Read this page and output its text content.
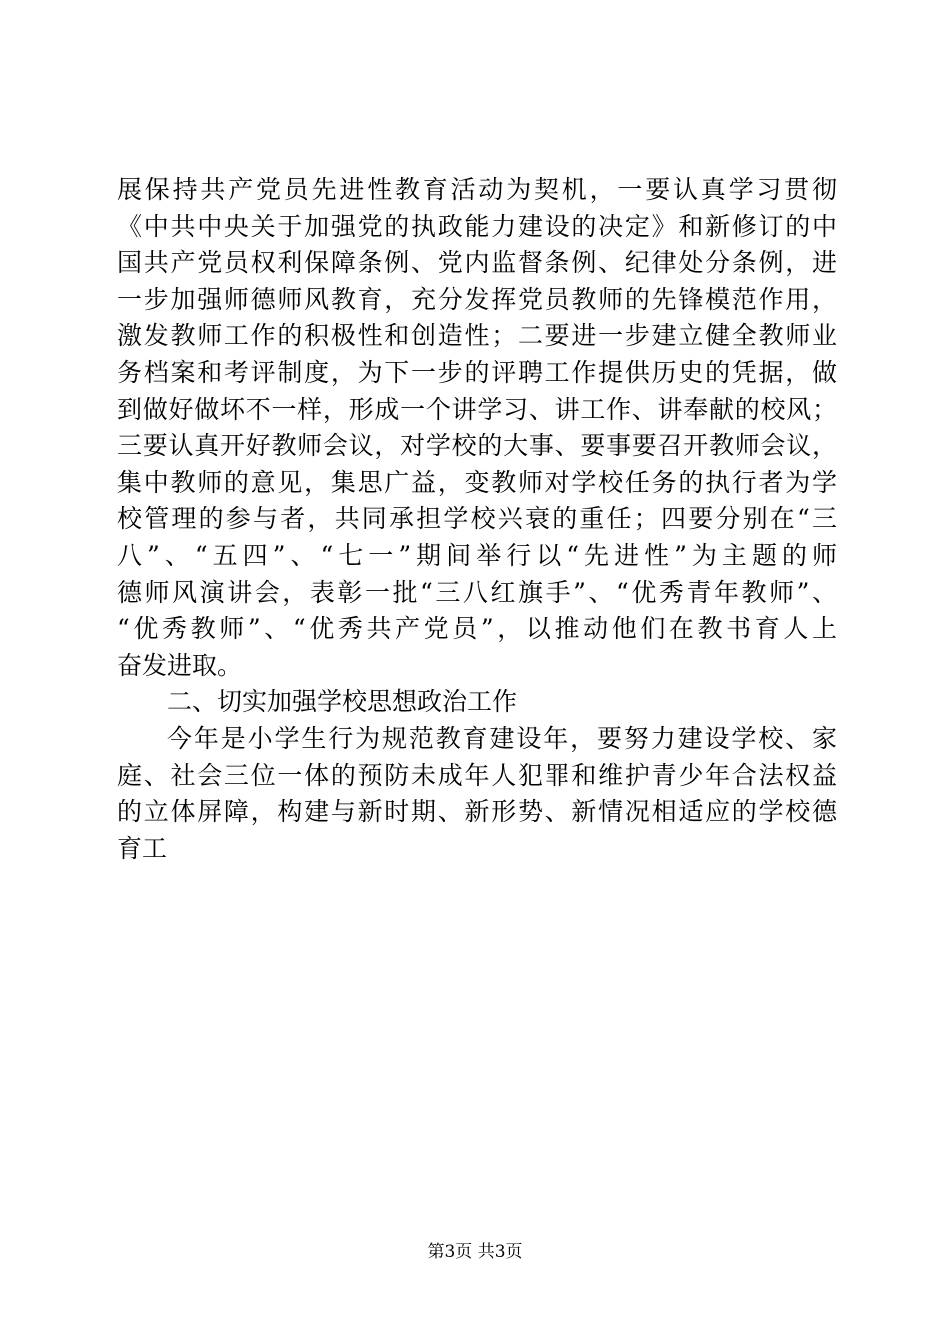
展保持共产党员先进性教育活动为契机，一要认真学习贯彻
《中共中央关于加强党的执政能力建设的决定》和新修订的中
国共产党员权利保障条例、党内监督条例、纪律处分条例，进
一步加强师德师风教育，充分发挥党员教师的先锋模范作用，
激发教师工作的积极性和创造性；二要进一步建立健全教师业
务档案和考评制度，为下一步的评聘工作提供历史的凭据，做
到做好做坏不一样，形成一个讲学习、讲工作、讲奉献的校风；
三要认真开好教师会议，对学校的大事、要事要召开教师会议，
集中教师的意见，集思广益，变教师对学校任务的执行者为学
校管理的参与者，共同承担学校兴衰的重任；四要分别在“三
八”、“五四”、“七一”期间举行以“先进性”为主题的师
德师风演讲会，表彰一批“三八红旗手”、“优秀青年教师”、
“优秀教师”、“优秀共产党员”，以推动他们在教书育人上
奋发进取。
二、切实加强学校思想政治工作
今年是小学生行为规范教育建设年，要努力建设学校、家
庭、社会三位一体的预防未成年人犯罪和维护青少年合法权益
的立体屏障，构建与新时期、新形势、新情况相适应的学校德
育工
第3页 共3页
